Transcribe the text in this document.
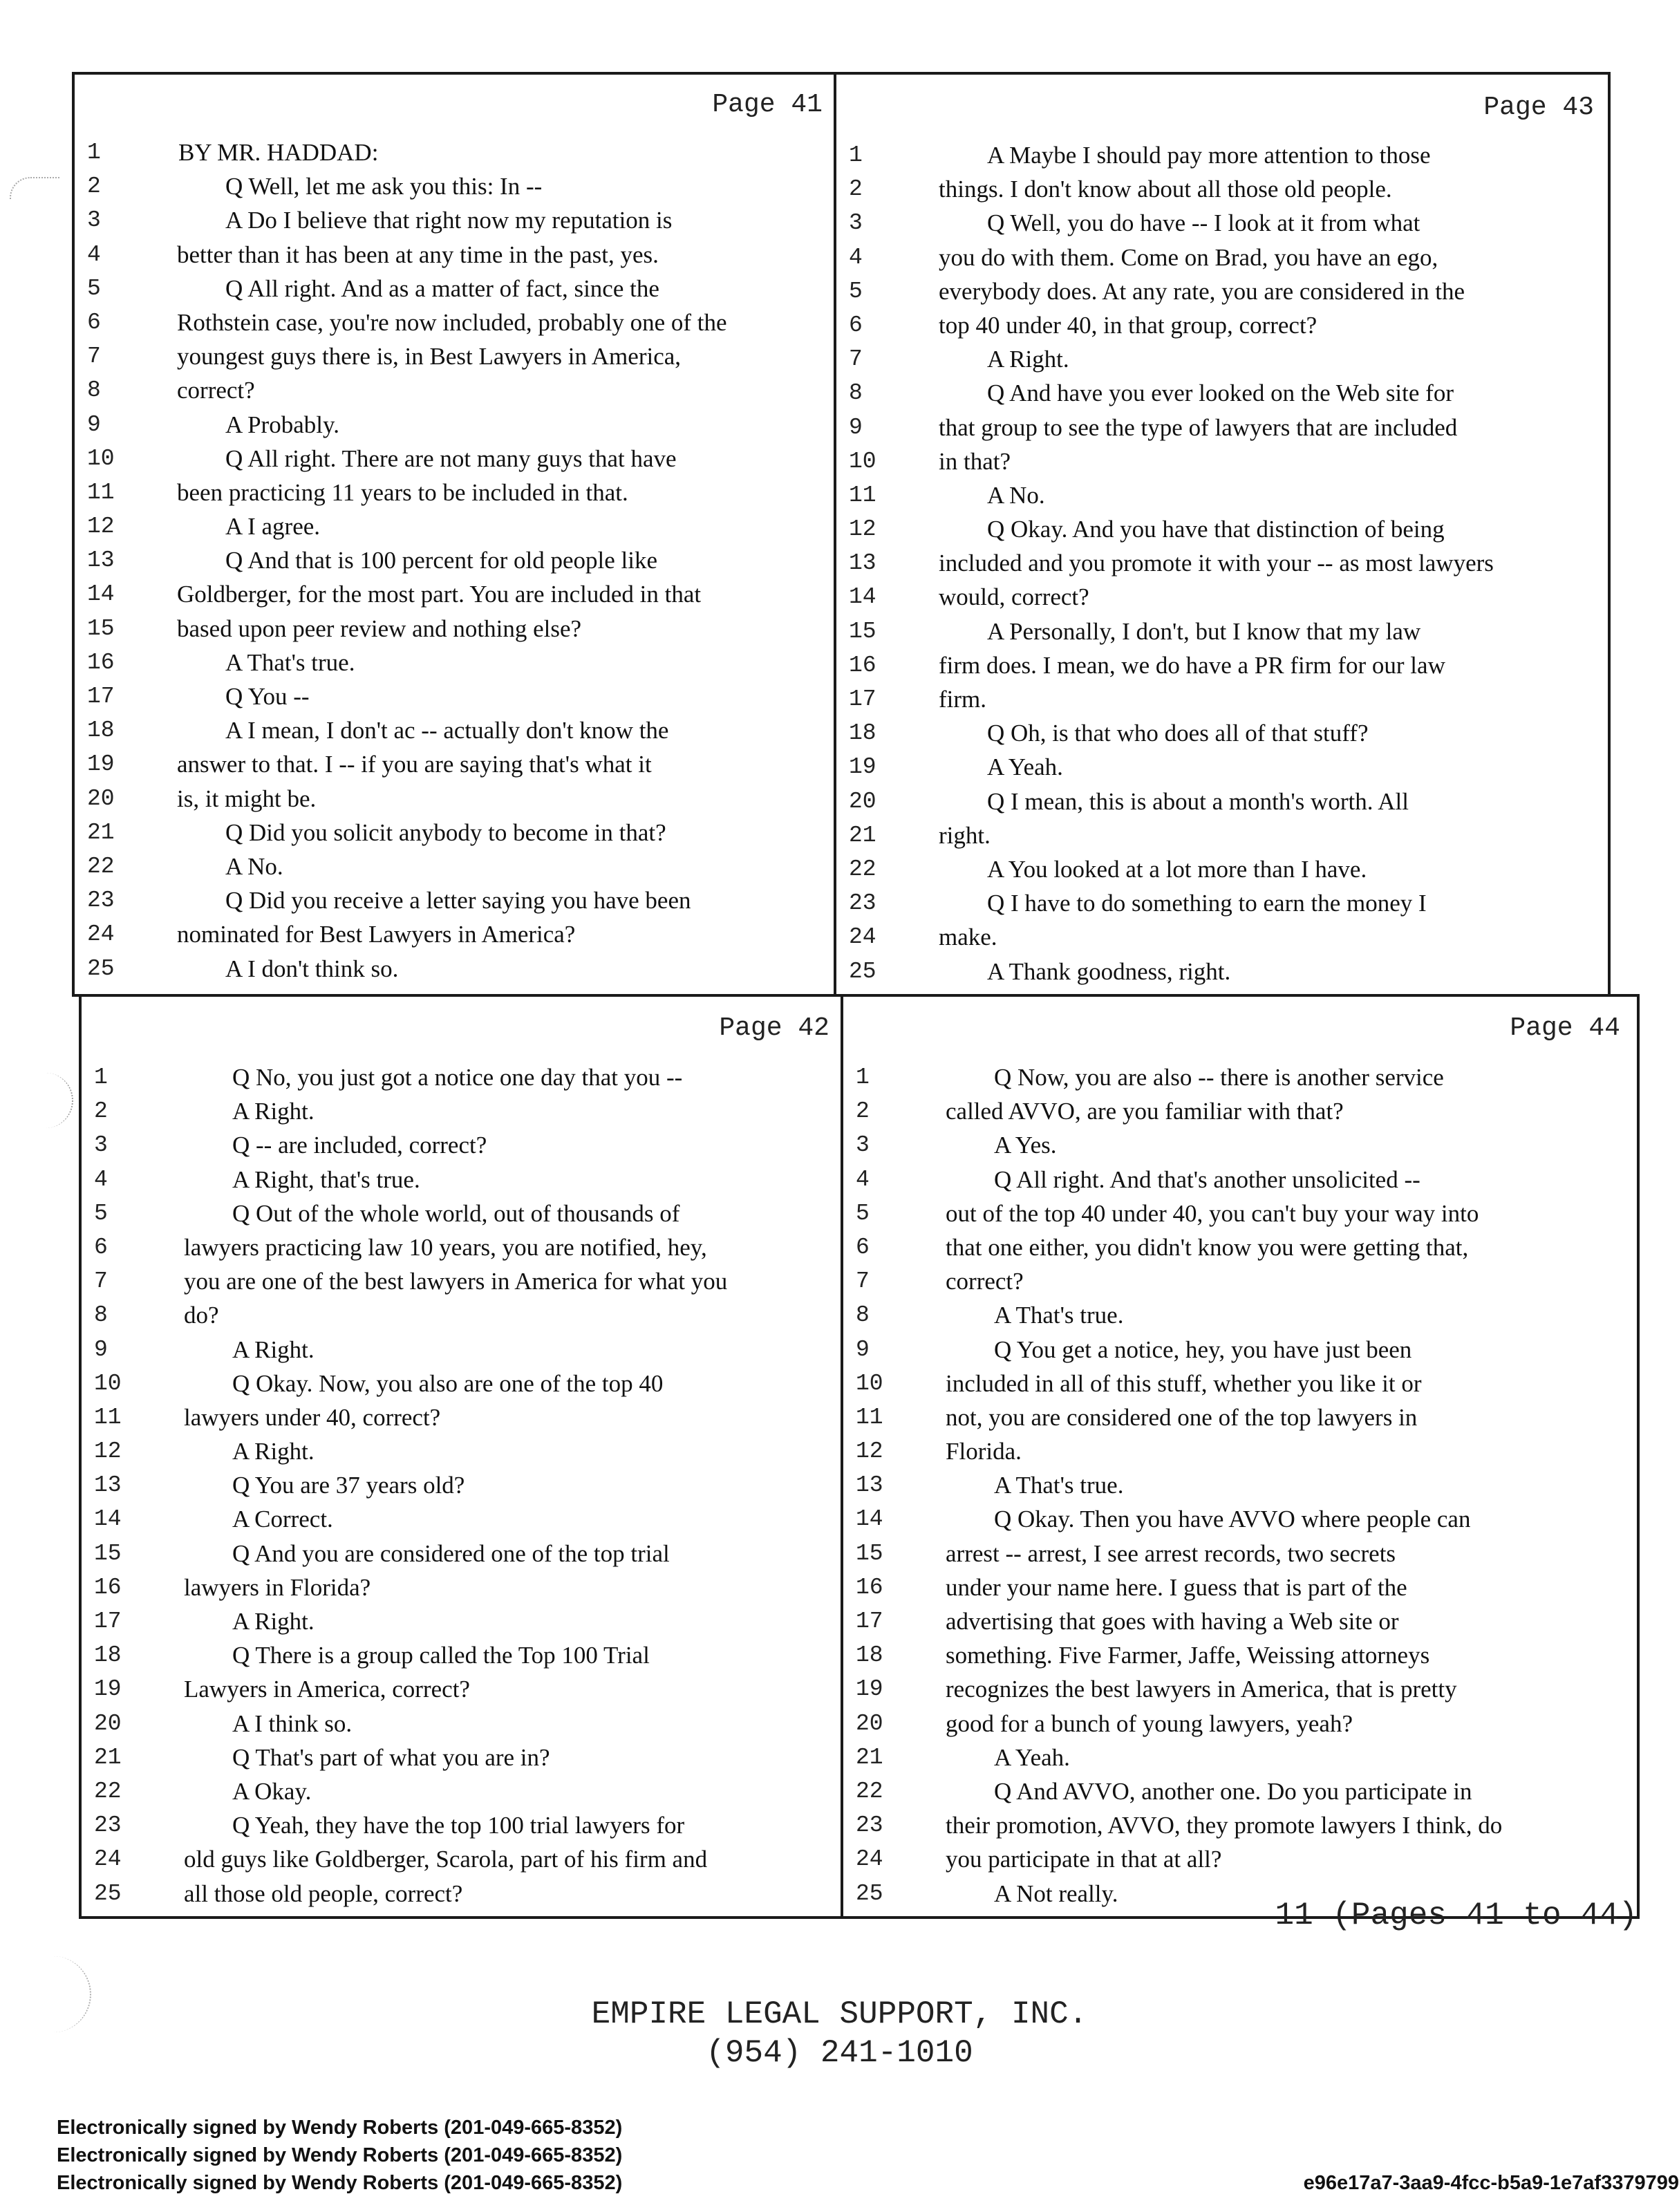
Page 41
1	BY MR. HADDAD:
2	Q Well, let me ask you this: In --
3	A Do I believe that right now my reputation is
4	better than it has been at any time in the past, yes.
5	Q All right. And as a matter of fact, since the
6	Rothstein case, you're now included, probably one of the
7	youngest guys there is, in Best Lawyers in America,
8	correct?
9	A Probably.
10	Q All right. There are not many guys that have
11	been practicing 11 years to be included in that.
12	A I agree.
13	Q And that is 100 percent for old people like
14	Goldberger, for the most part. You are included in that
15	based upon peer review and nothing else?
16	A That's true.
17	Q You --
18	A I mean, I don't ac -- actually don't know the
19	answer to that. I -- if you are saying that's what it
20	is, it might be.
21	Q Did you solicit anybody to become in that?
22	A No.
23	Q Did you receive a letter saying you have been
24	nominated for Best Lawyers in America?
25	A I don't think so.
Page 43
1	A Maybe I should pay more attention to those
2	things. I don't know about all those old people.
3	Q Well, you do have -- I look at it from what
4	you do with them. Come on Brad, you have an ego,
5	everybody does. At any rate, you are considered in the
6	top 40 under 40, in that group, correct?
7	A Right.
8	Q And have you ever looked on the Web site for
9	that group to see the type of lawyers that are included
10	in that?
11	A No.
12	Q Okay. And you have that distinction of being
13	included and you promote it with your -- as most lawyers
14	would, correct?
15	A Personally, I don't, but I know that my law
16	firm does. I mean, we do have a PR firm for our law
17	firm.
18	Q Oh, is that who does all of that stuff?
19	A Yeah.
20	Q I mean, this is about a month's worth. All
21	right.
22	A You looked at a lot more than I have.
23	Q I have to do something to earn the money I
24	make.
25	A Thank goodness, right.
Page 42
1	Q No, you just got a notice one day that you --
2	A Right.
3	Q -- are included, correct?
4	A Right, that's true.
5	Q Out of the whole world, out of thousands of
6	lawyers practicing law 10 years, you are notified, hey,
7	you are one of the best lawyers in America for what you
8	do?
9	A Right.
10	Q Okay. Now, you also are one of the top 40
11	lawyers under 40, correct?
12	A Right.
13	Q You are 37 years old?
14	A Correct.
15	Q And you are considered one of the top trial
16	lawyers in Florida?
17	A Right.
18	Q There is a group called the Top 100 Trial
19	Lawyers in America, correct?
20	A I think so.
21	Q That's part of what you are in?
22	A Okay.
23	Q Yeah, they have the top 100 trial lawyers for
24	old guys like Goldberger, Scarola, part of his firm and
25	all those old people, correct?
Page 44
1	Q Now, you are also -- there is another service
2	called AVVO, are you familiar with that?
3	A Yes.
4	Q All right. And that's another unsolicited --
5	out of the top 40 under 40, you can't buy your way into
6	that one either, you didn't know you were getting that,
7	correct?
8	A That's true.
9	Q You get a notice, hey, you have just been
10	included in all of this stuff, whether you like it or
11	not, you are considered one of the top lawyers in
12	Florida.
13	A That's true.
14	Q Okay. Then you have AVVO where people can
15	arrest -- arrest, I see arrest records, two secrets
16	under your name here. I guess that is part of the
17	advertising that goes with having a Web site or
18	something. Five Farmer, Jaffe, Weissing attorneys
19	recognizes the best lawyers in America, that is pretty
20	good for a bunch of young lawyers, yeah?
21	A Yeah.
22	Q And AVVO, another one. Do you participate in
23	their promotion, AVVO, they promote lawyers I think, do
24	you participate in that at all?
25	A Not really.
11 (Pages 41 to 44)
EMPIRE LEGAL SUPPORT, INC.
(954) 241-1010
Electronically signed by Wendy Roberts (201-049-665-8352)
Electronically signed by Wendy Roberts (201-049-665-8352)
Electronically signed by Wendy Roberts (201-049-665-8352)	e96e17a7-3aa9-4fcc-b5a9-1e7af3379799
